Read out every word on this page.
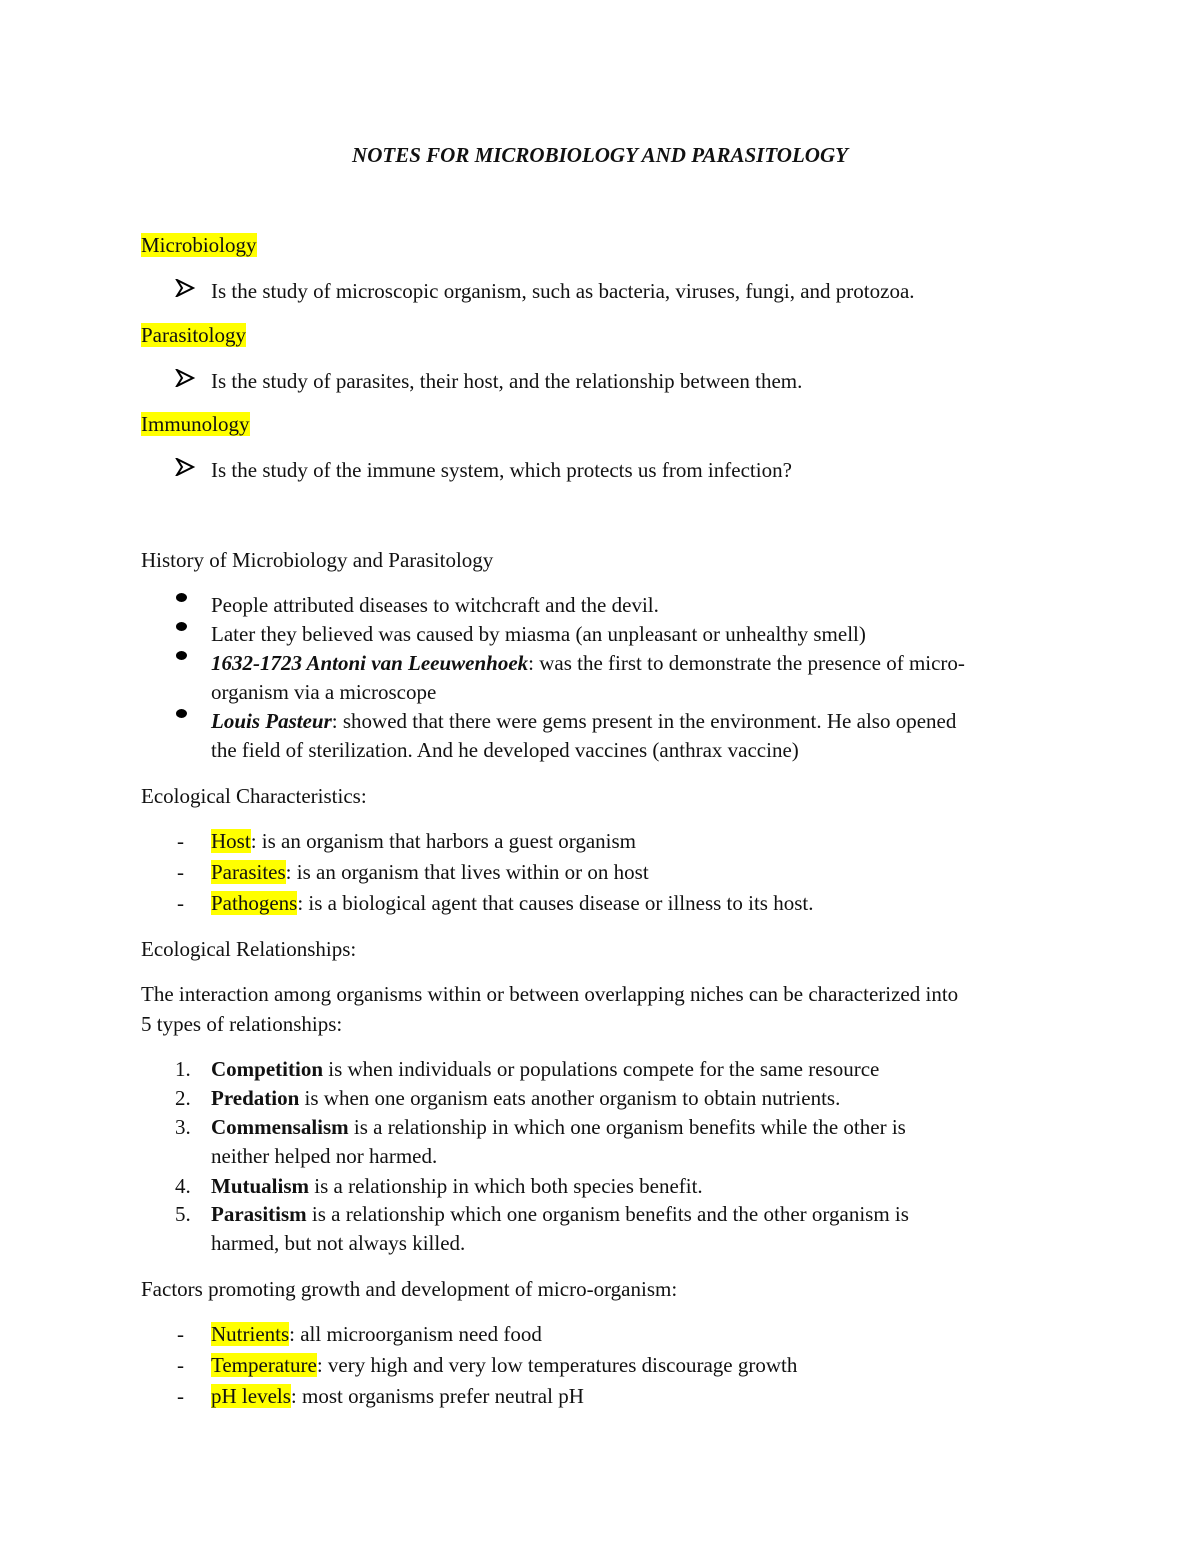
NOTES FOR MICROBIOLOGY AND PARASITOLOGY
Microbiology
Is the study of microscopic organism, such as bacteria, viruses, fungi, and protozoa.
Parasitology
Is the study of parasites, their host, and the relationship between them.
Immunology
Is the study of the immune system, which protects us from infection?
History of Microbiology and Parasitology
People attributed diseases to witchcraft and the devil.
Later they believed was caused by miasma (an unpleasant or unhealthy smell)
1632-1723 Antoni van Leeuwenhoek: was the first to demonstrate the presence of micro-
organism via a microscope
Louis Pasteur: showed that there were gems present in the environment. He also opened
the field of sterilization. And he developed vaccines (anthrax vaccine)
Ecological Characteristics:
-	Host: is an organism that harbors a guest organism
-	Parasites: is an organism that lives within or on host
-	Pathogens: is a biological agent that causes disease or illness to its host.
Ecological Relationships:
The interaction among organisms within or between overlapping niches can be characterized into
5 types of relationships:
1. Competition is when individuals or populations compete for the same resource
2. Predation is when one organism eats another organism to obtain nutrients.
3. Commensalism is a relationship in which one organism benefits while the other is
neither helped nor harmed.
4. Mutualism is a relationship in which both species benefit.
5. Parasitism is a relationship which one organism benefits and the other organism is
harmed, but not always killed.
Factors promoting growth and development of micro-organism:
-	Nutrients: all microorganism need food
-	Temperature: very high and very low temperatures discourage growth
-	pH levels: most organisms prefer neutral pH
